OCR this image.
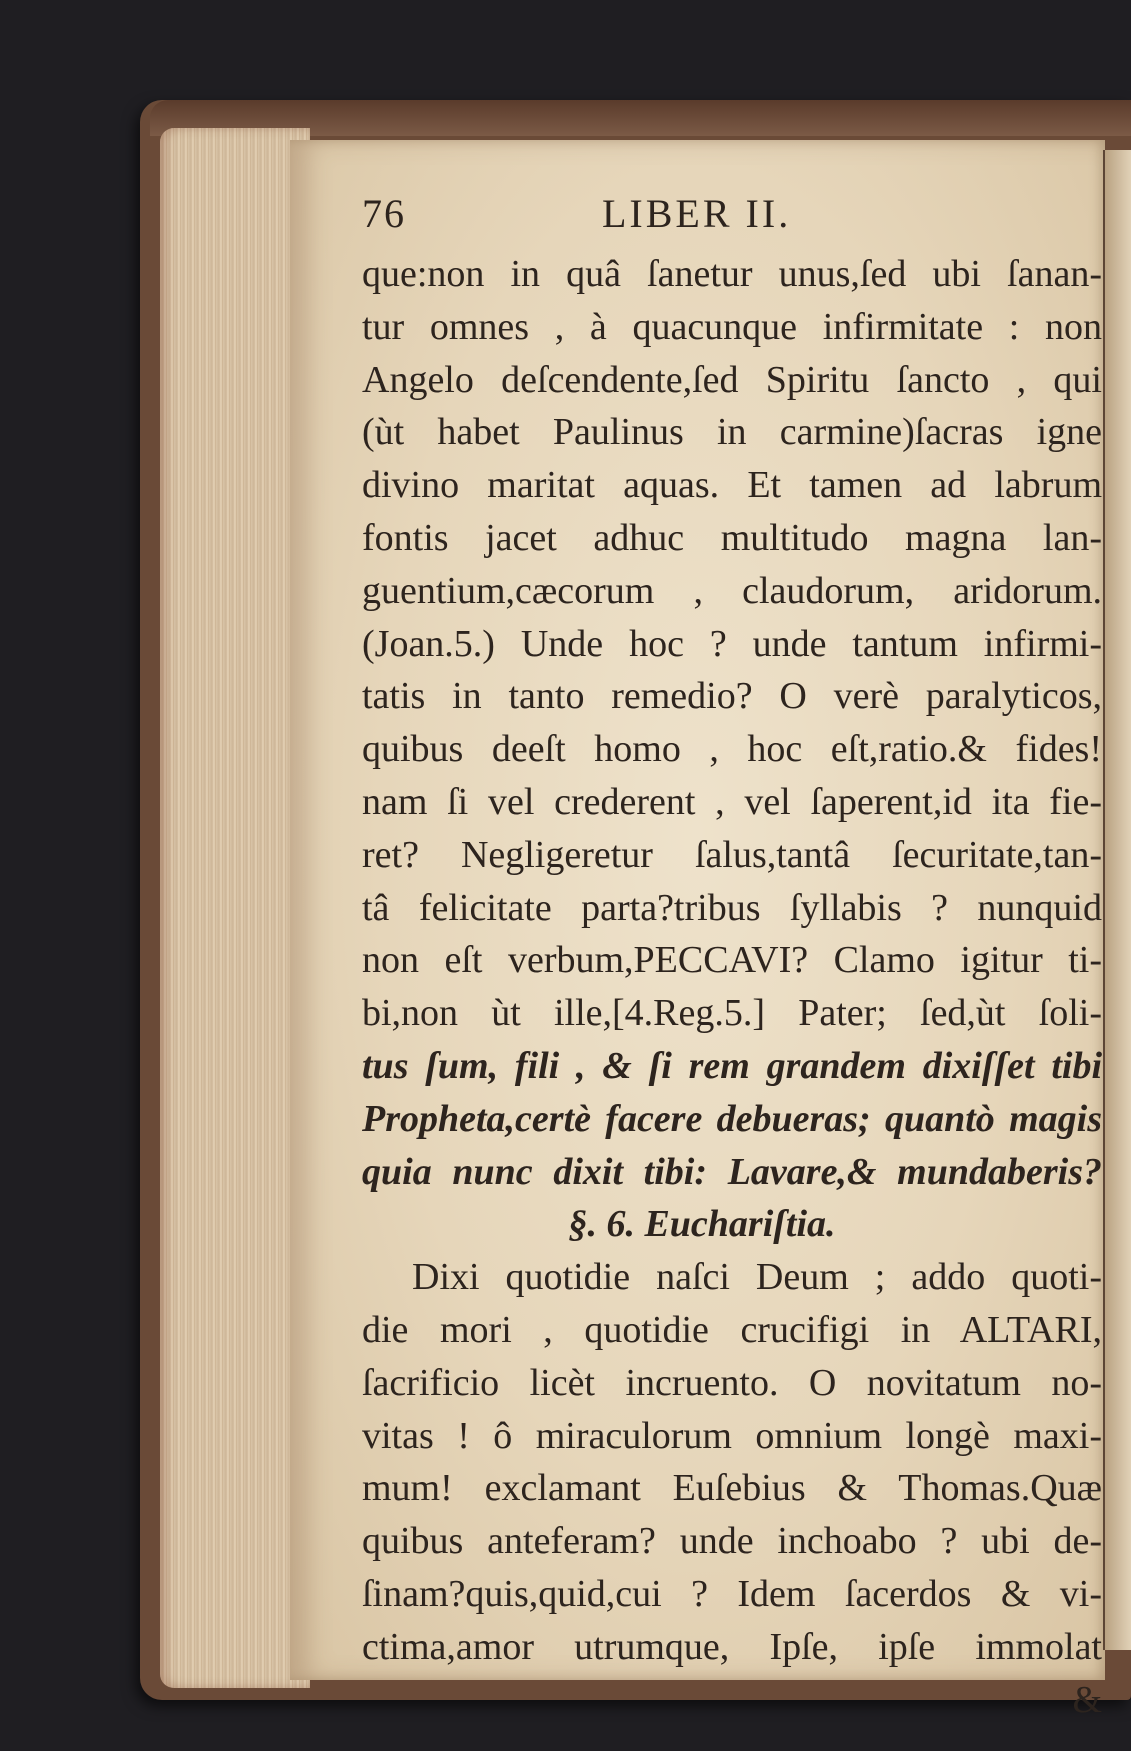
76	LIBER II.
que:non in quâ ſanetur unus,ſed ubi ſanan-
tur omnes , à quacunque infirmitate : non
Angelo deſcendente,ſed Spiritu ſancto , qui
(ùt habet Paulinus in carmine)ſacras igne
divino maritat aquas. Et tamen ad labrum
fontis jacet adhuc multitudo magna lan-
guentium,cæcorum , claudorum, aridorum.
(Joan.5.) Unde hoc ? unde tantum infirmi-
tatis in tanto remedio? O verè paralyticos,
quibus deeſt homo , hoc eſt,ratio.& fides!
nam ſi vel crederent , vel ſaperent,id ita fie-
ret? Negligeretur ſalus,tantâ ſecuritate,tan-
tâ felicitate parta?tribus ſyllabis ? nunquid
non eſt verbum,PECCAVI? Clamo igitur ti-
bi,non ùt ille,[4.Reg.5.] Pater; ſed,ùt ſoli-
tus ſum, fili , & ſi rem grandem dixiſſet tibi
Propheta,certè facere debueras; quantò magis
quia nunc dixit tibi: Lavare,& mundaberis?
§. 6. Euchariſtia.
Dixi quotidie naſci Deum ; addo quoti-
die mori , quotidie crucifigi in ALTARI,
ſacrificio licèt incruento. O novitatum no-
vitas ! ô miraculorum omnium longè maxi-
mum! exclamant Euſebius & Thomas.Quæ
quibus anteferam? unde inchoabo ? ubi de-
ſinam?quis,quid,cui ? Idem ſacerdos & vi-
ctima,amor utrumque, Ipſe, ipſe immolat
&
